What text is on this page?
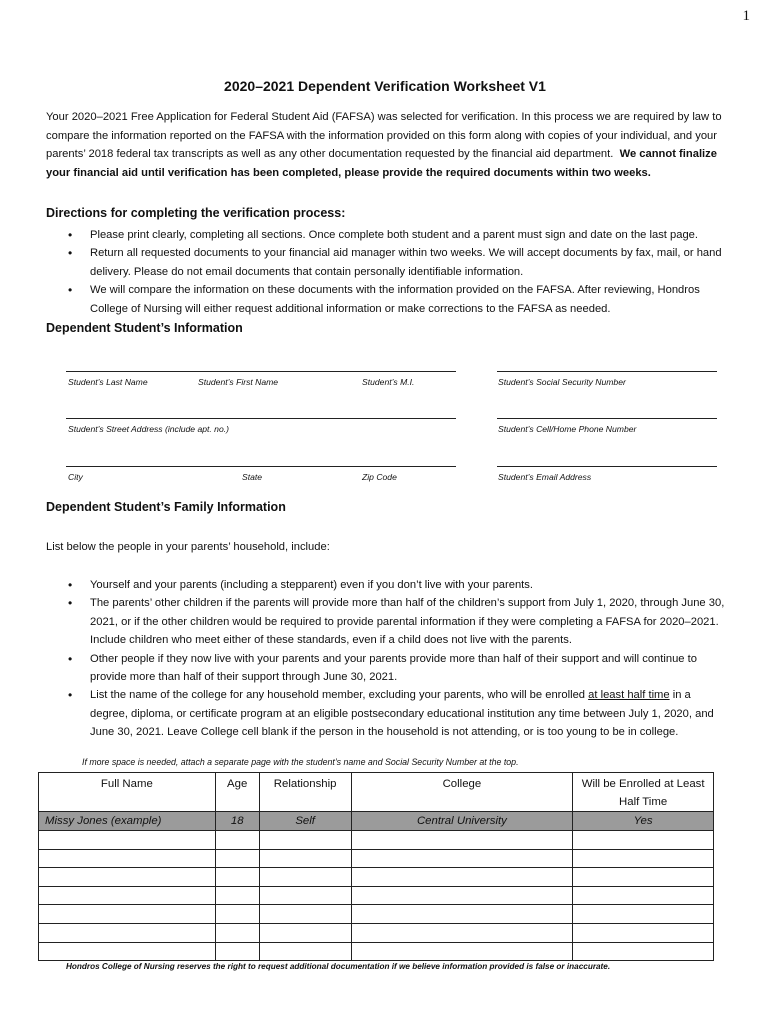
1
2020–2021 Dependent Verification Worksheet V1

Your 2020–2021 Free Application for Federal Student Aid (FAFSA) was selected for verification. In this process we are required by law to compare the information reported on the FAFSA with the information provided on this form along with copies of your individual, and your parents’ 2018 federal tax transcripts as well as any other documentation requested by the financial aid department. We cannot finalize your financial aid until verification has been completed, please provide the required documents within two weeks.

Directions for completing the verification process:
• Please print clearly, completing all sections. Once complete both student and a parent must sign and date on the last page.
• Return all requested documents to your financial aid manager within two weeks. We will accept documents by fax, mail, or hand delivery. Please do not email documents that contain personally identifiable information.
• We will compare the information on these documents with the information provided on the FAFSA. After reviewing, Hondros College of Nursing will either request additional information or make corrections to the FAFSA as needed.
Dependent Student’s Information
Student’s Last Name	Student’s First Name	Student’s M.I.	Student’s Social Security Number
Student’s Street Address (include apt. no.)	Student’s Cell/Home Phone Number
City	State	Zip Code	Student’s Email Address
Dependent Student’s Family Information
List below the people in your parents’ household, include:
• Yourself and your parents (including a stepparent) even if you don’t live with your parents.
• The parents’ other children if the parents will provide more than half of the children’s support from July 1, 2020, through June 30, 2021, or if the other children would be required to provide parental information if they were completing a FAFSA for 2020–2021. Include children who meet either of these standards, even if a child does not live with the parents.
• Other people if they now live with your parents and your parents provide more than half of their support and will continue to provide more than half of their support through June 30, 2021.
• List the name of the college for any household member, excluding your parents, who will be enrolled at least half time in a degree, diploma, or certificate program at an eligible postsecondary educational institution any time between July 1, 2020, and June 30, 2021. Leave College cell blank if the person in the household is not attending, or is too young to be in college.
If more space is needed, attach a separate page with the student’s name and Social Security Number at the top.
Full Name	Age	Relationship	College	Will be Enrolled at Least Half Time
Missy Jones (example)	18	Self	Central University	Yes

Hondros College of Nursing reserves the right to request additional documentation if we believe information provided is false or inaccurate.
